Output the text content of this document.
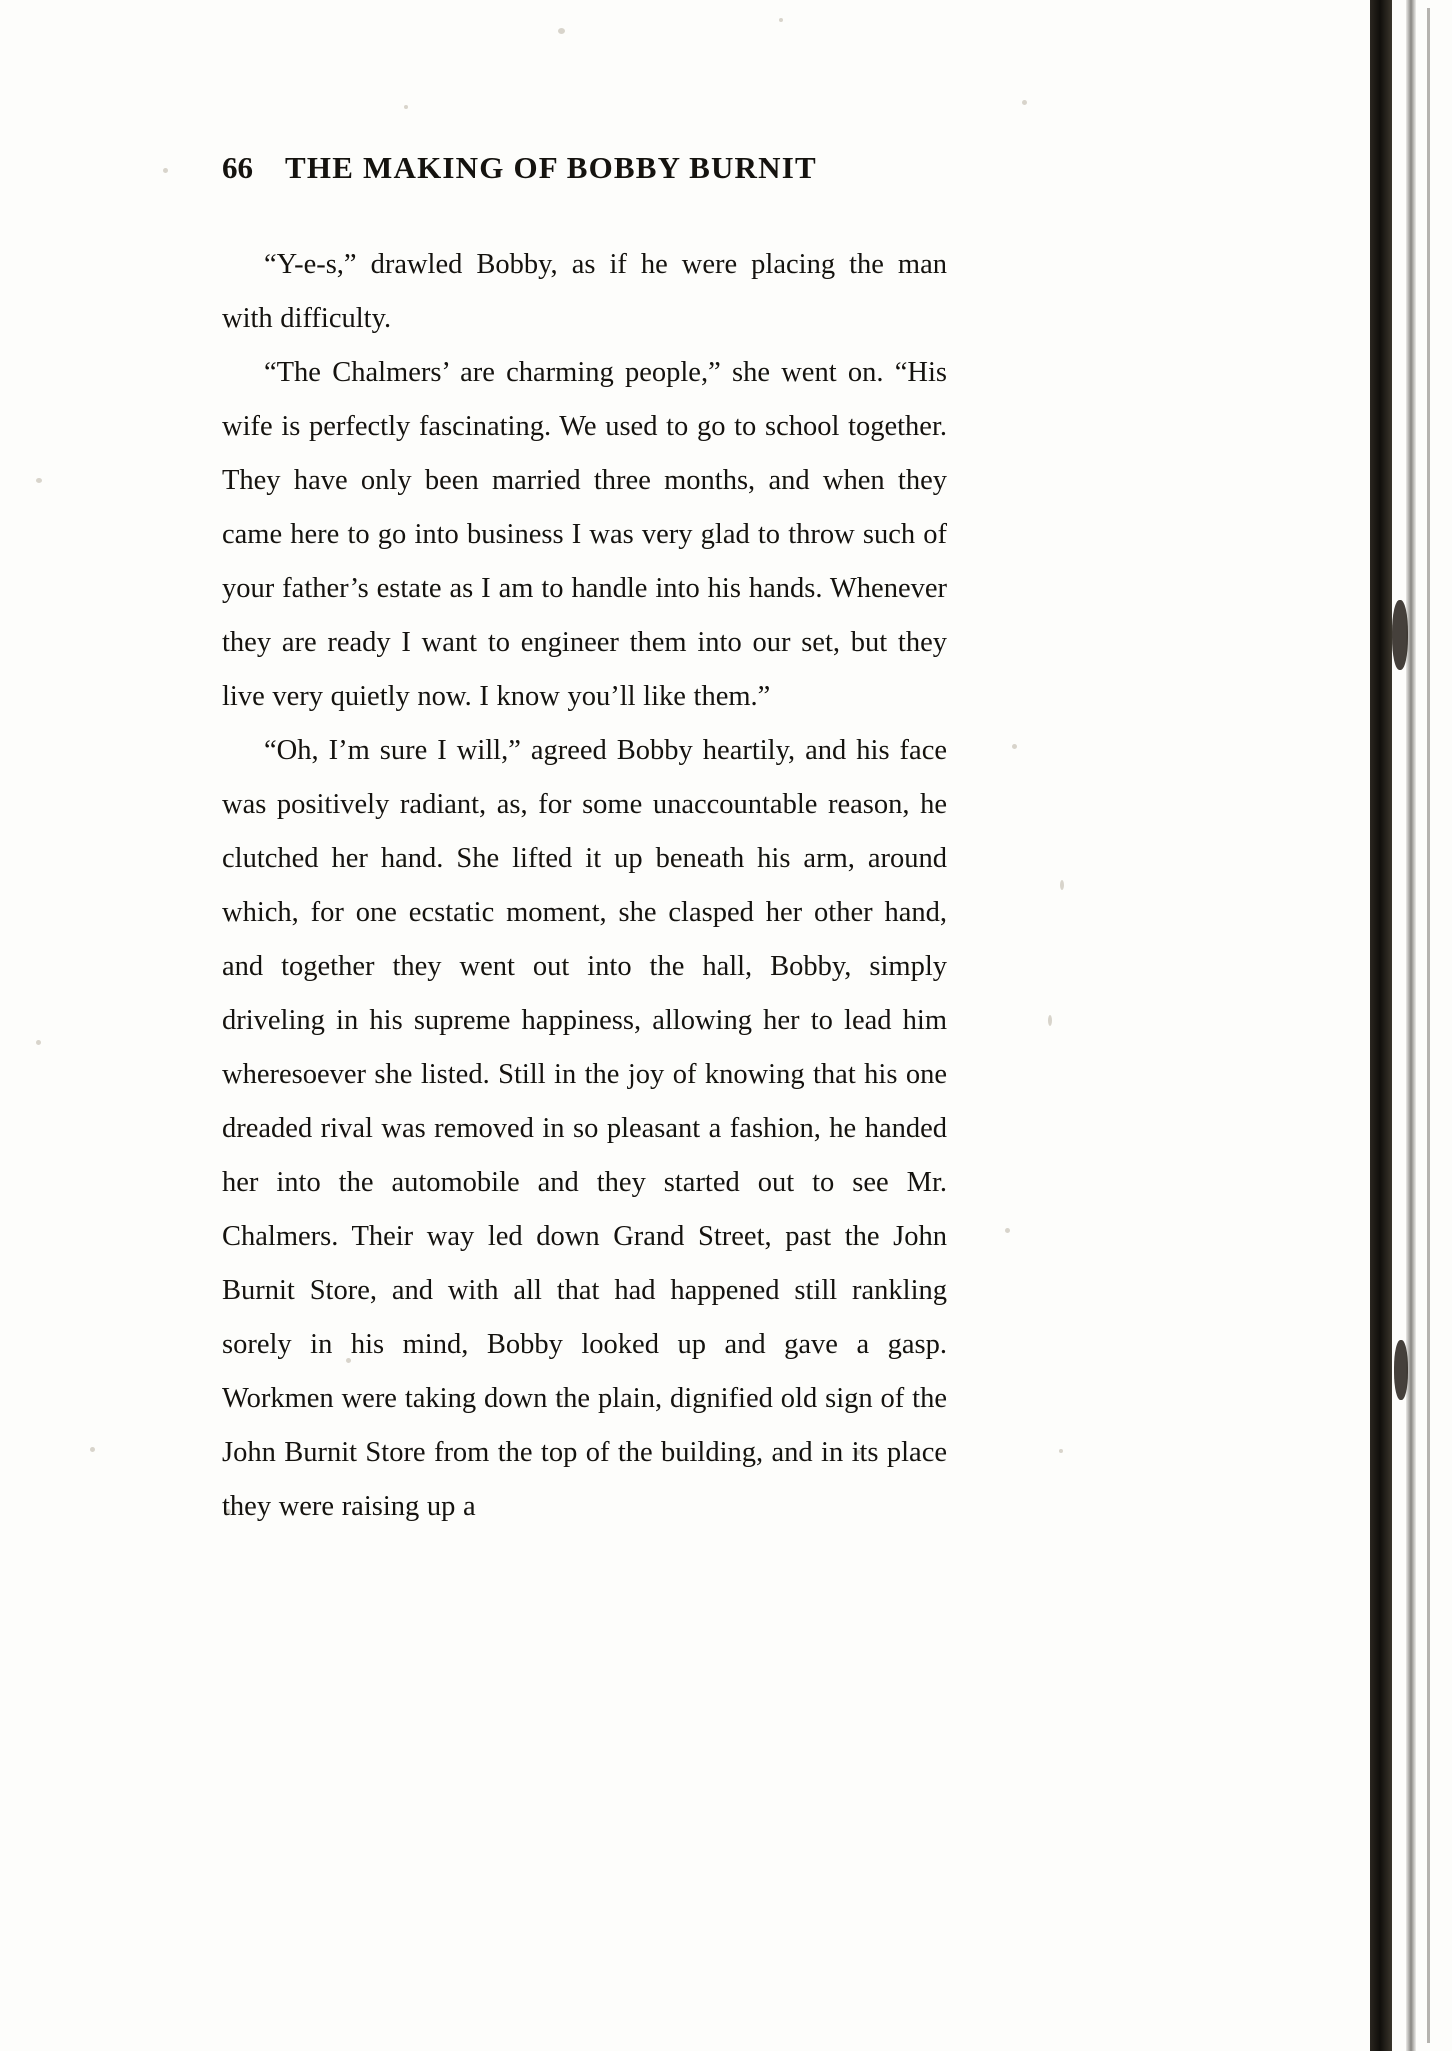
66 THE MAKING OF BOBBY BURNIT

“Y-e-s,” drawled Bobby, as if he were placing the man with difficulty.

“The Chalmers’ are charming people,” she went on. “His wife is perfectly fascinating. We used to go to school together. They have only been married three months, and when they came here to go into business I was very glad to throw such of your father’s estate as I am to handle into his hands. Whenever they are ready I want to engineer them into our set, but they live very quietly now. I know you’ll like them.”

“Oh, I’m sure I will,” agreed Bobby heartily, and his face was positively radiant, as, for some unaccountable reason, he clutched her hand. She lifted it up beneath his arm, around which, for one ecstatic moment, she clasped her other hand, and together they went out into the hall, Bobby, simply driveling in his supreme happiness, allowing her to lead him wheresoever she listed. Still in the joy of knowing that his one dreaded rival was removed in so pleasant a fashion, he handed her into the automobile and they started out to see Mr. Chalmers. Their way led down Grand Street, past the John Burnit Store, and with all that had happened still rankling sorely in his mind, Bobby looked up and gave a gasp. Workmen were taking down the plain, dignified old sign of the John Burnit Store from the top of the building, and in its place they were raising up a
